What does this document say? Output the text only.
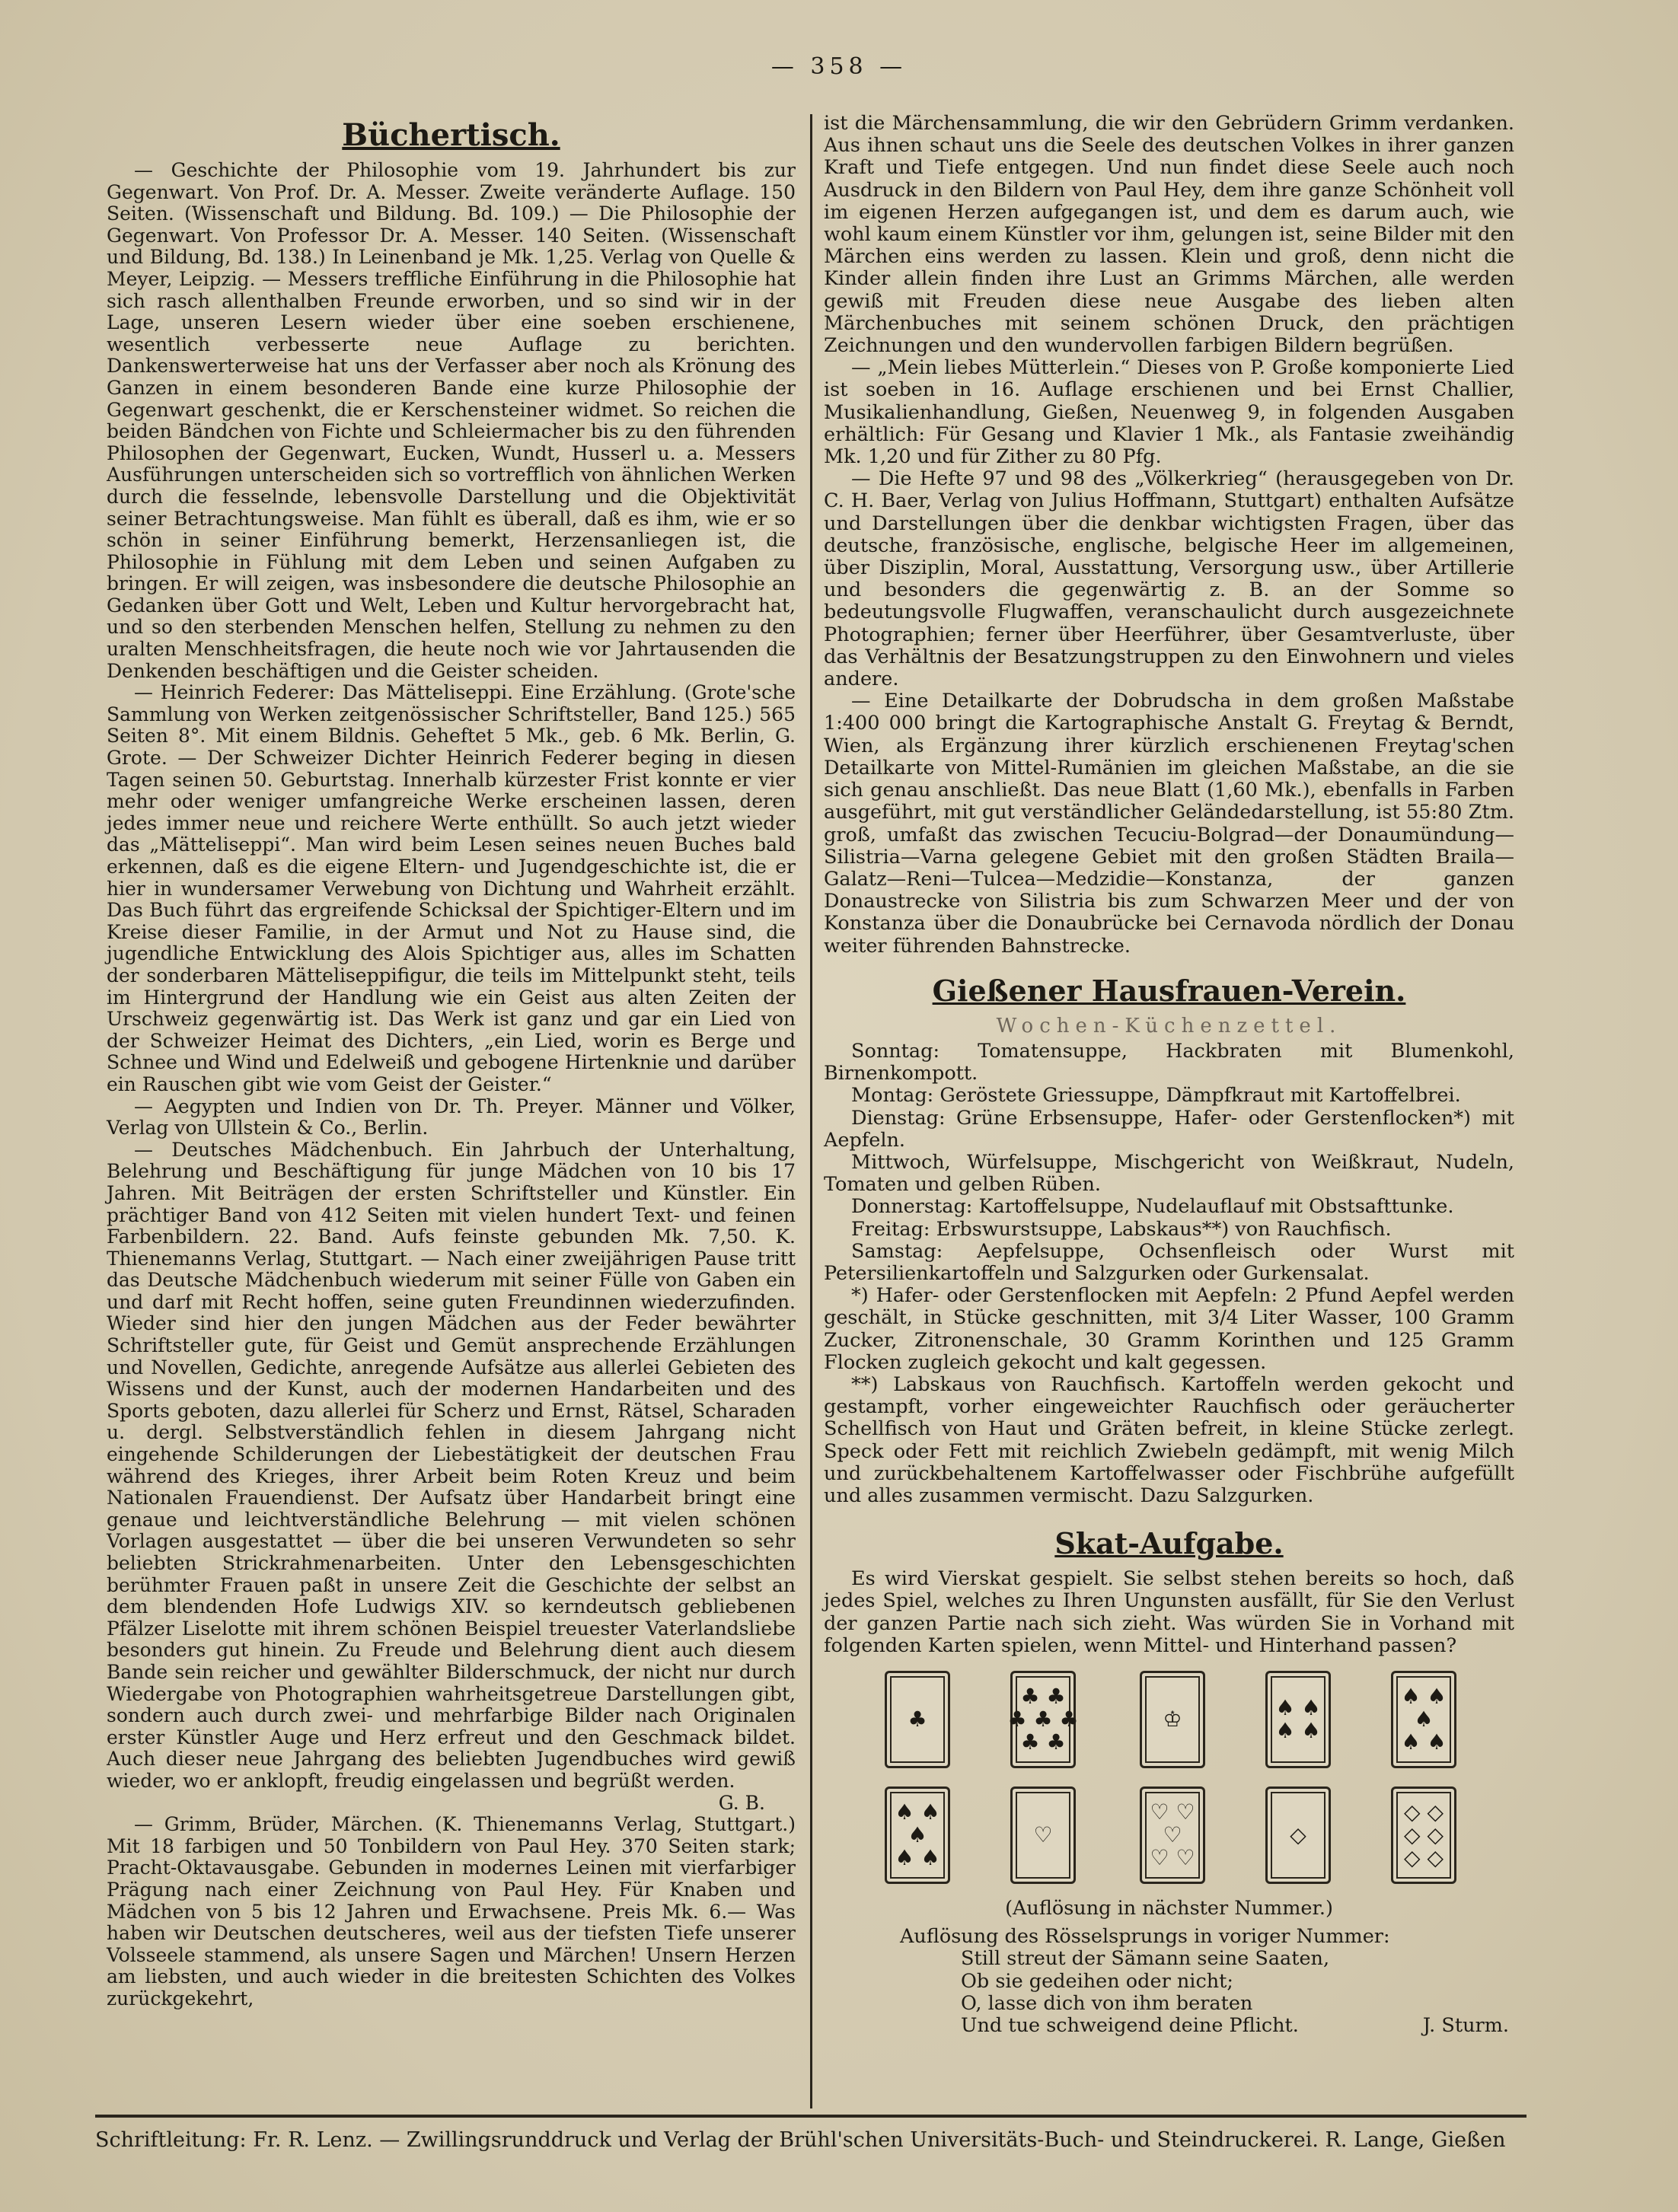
— 358 —
Büchertisch.

— Geschichte der Philosophie vom 19. Jahrhundert bis zur Gegenwart. Von Prof. Dr. A. Messer. Zweite veränderte Auflage. 150 Seiten. (Wissenschaft und Bildung. Bd. 109.) — Die Philosophie der Gegenwart. Von Professor Dr. A. Messer. 140 Seiten. (Wissenschaft und Bildung, Bd. 138.) In Leinenband je Mk. 1,25. Verlag von Quelle & Meyer, Leipzig. — Messers treffliche Einführung in die Philosophie hat sich rasch allenthalben Freunde erworben, und so sind wir in der Lage, unseren Lesern wieder über eine soeben erschienene, wesentlich verbesserte neue Auflage zu berichten. Dankenswerterweise hat uns der Verfasser aber noch als Krönung des Ganzen in einem besonderen Bande eine kurze Philosophie der Gegenwart geschenkt, die er Kerschensteiner widmet. So reichen die beiden Bändchen von Fichte und Schleiermacher bis zu den führenden Philosophen der Gegenwart, Eucken, Wundt, Husserl u. a. Messers Ausführungen unterscheiden sich so vortrefflich von ähnlichen Werken durch die fesselnde, lebensvolle Darstellung und die Objektivität seiner Betrachtungsweise. Man fühlt es überall, daß es ihm, wie er so schön in seiner Einführung bemerkt, Herzensanliegen ist, die Philosophie in Fühlung mit dem Leben und seinen Aufgaben zu bringen. Er will zeigen, was insbesondere die deutsche Philosophie an Gedanken über Gott und Welt, Leben und Kultur hervorgebracht hat, und so den sterbenden Menschen helfen, Stellung zu nehmen zu den uralten Menschheitsfragen, die heute noch wie vor Jahrtausenden die Denkenden beschäftigen und die Geister scheiden.

— Heinrich Federer: Das Mätteliseppi. Eine Erzählung. (Grote'sche Sammlung von Werken zeitgenössischer Schriftsteller, Band 125.) 565 Seiten 8°. Mit einem Bildnis. Geheftet 5 Mk., geb. 6 Mk. Berlin, G. Grote. — Der Schweizer Dichter Heinrich Federer beging in diesen Tagen seinen 50. Geburtstag. Innerhalb kürzester Frist konnte er vier mehr oder weniger umfangreiche Werke erscheinen lassen, deren jedes immer neue und reichere Werte enthüllt. So auch jetzt wieder das „Mätteliseppi“. Man wird beim Lesen seines neuen Buches bald erkennen, daß es die eigene Eltern- und Jugendgeschichte ist, die er hier in wundersamer Verwebung von Dichtung und Wahrheit erzählt. Das Buch führt das ergreifende Schicksal der Spichtiger-Eltern und im Kreise dieser Familie, in der Armut und Not zu Hause sind, die jugendliche Entwicklung des Alois Spichtiger aus, alles im Schatten der sonderbaren Mätteliseppifigur, die teils im Mittelpunkt steht, teils im Hintergrund der Handlung wie ein Geist aus alten Zeiten der Urschweiz gegenwärtig ist. Das Werk ist ganz und gar ein Lied von der Schweizer Heimat des Dichters, „ein Lied, worin es Berge und Schnee und Wind und Edelweiß und gebogene Hirtenknie und darüber ein Rauschen gibt wie vom Geist der Geister.“

— Aegypten und Indien von Dr. Th. Preyer. Männer und Völker, Verlag von Ullstein & Co., Berlin.

— Deutsches Mädchenbuch. Ein Jahrbuch der Unterhaltung, Belehrung und Beschäftigung für junge Mädchen von 10 bis 17 Jahren. Mit Beiträgen der ersten Schriftsteller und Künstler. Ein prächtiger Band von 412 Seiten mit vielen hundert Text- und feinen Farbenbildern. 22. Band. Aufs feinste gebunden Mk. 7,50. K. Thienemanns Verlag, Stuttgart. — Nach einer zweijährigen Pause tritt das Deutsche Mädchenbuch wiederum mit seiner Fülle von Gaben ein und darf mit Recht hoffen, seine guten Freundinnen wiederzufinden. Wieder sind hier den jungen Mädchen aus der Feder bewährter Schriftsteller gute, für Geist und Gemüt ansprechende Erzählungen und Novellen, Gedichte, anregende Aufsätze aus allerlei Gebieten des Wissens und der Kunst, auch der modernen Handarbeiten und des Sports geboten, dazu allerlei für Scherz und Ernst, Rätsel, Scharaden u. dergl. Selbstverständlich fehlen in diesem Jahrgang nicht eingehende Schilderungen der Liebestätigkeit der deutschen Frau während des Krieges, ihrer Arbeit beim Roten Kreuz und beim Nationalen Frauendienst. Der Aufsatz über Handarbeit bringt eine genaue und leichtverständliche Belehrung — mit vielen schönen Vorlagen ausgestattet — über die bei unseren Verwundeten so sehr beliebten Strickrahmenarbeiten. Unter den Lebensgeschichten berühmter Frauen paßt in unsere Zeit die Geschichte der selbst an dem blendenden Hofe Ludwigs XIV. so kerndeutsch gebliebenen Pfälzer Liselotte mit ihrem schönen Beispiel treuester Vaterlandsliebe besonders gut hinein. Zu Freude und Belehrung dient auch diesem Bande sein reicher und gewählter Bilderschmuck, der nicht nur durch Wiedergabe von Photographien wahrheitsgetreue Darstellungen gibt, sondern auch durch zwei- und mehrfarbige Bilder nach Originalen erster Künstler Auge und Herz erfreut und den Geschmack bildet. Auch dieser neue Jahrgang des beliebten Jugendbuches wird gewiß wieder, wo er anklopft, freudig eingelassen und begrüßt werden.

G. B.

— Grimm, Brüder, Märchen. (K. Thienemanns Verlag, Stuttgart.) Mit 18 farbigen und 50 Tonbildern von Paul Hey. 370 Seiten stark; Pracht-Oktavausgabe. Gebunden in modernes Leinen mit vierfarbiger Prägung nach einer Zeichnung von Paul Hey. Für Knaben und Mädchen von 5 bis 12 Jahren und Erwachsene. Preis Mk. 6.— Was haben wir Deutschen deutscheres, weil aus der tiefsten Tiefe unserer Volsseele stammend, als unsere Sagen und Märchen! Unsern Herzen am liebsten, und auch wieder in die breitesten Schichten des Volkes zurückgekehrt,

ist die Märchensammlung, die wir den Gebrüdern Grimm verdanken. Aus ihnen schaut uns die Seele des deutschen Volkes in ihrer ganzen Kraft und Tiefe entgegen. Und nun findet diese Seele auch noch Ausdruck in den Bildern von Paul Hey, dem ihre ganze Schönheit voll im eigenen Herzen aufgegangen ist, und dem es darum auch, wie wohl kaum einem Künstler vor ihm, gelungen ist, seine Bilder mit den Märchen eins werden zu lassen. Klein und groß, denn nicht die Kinder allein finden ihre Lust an Grimms Märchen, alle werden gewiß mit Freuden diese neue Ausgabe des lieben alten Märchenbuches mit seinem schönen Druck, den prächtigen Zeichnungen und den wundervollen farbigen Bildern begrüßen.

— „Mein liebes Mütterlein.“ Dieses von P. Große komponierte Lied ist soeben in 16. Auflage erschienen und bei Ernst Challier, Musikalienhandlung, Gießen, Neuenweg 9, in folgenden Ausgaben erhältlich: Für Gesang und Klavier 1 Mk., als Fantasie zweihändig Mk. 1,20 und für Zither zu 80 Pfg.

— Die Hefte 97 und 98 des „Völkerkrieg“ (herausgegeben von Dr. C. H. Baer, Verlag von Julius Hoffmann, Stuttgart) enthalten Aufsätze und Darstellungen über die denkbar wichtigsten Fragen, über das deutsche, französische, englische, belgische Heer im allgemeinen, über Disziplin, Moral, Ausstattung, Versorgung usw., über Artillerie und besonders die gegenwärtig z. B. an der Somme so bedeutungsvolle Flugwaffen, veranschaulicht durch ausgezeichnete Photographien; ferner über Heerführer, über Gesamtverluste, über das Verhältnis der Besatzungstruppen zu den Einwohnern und vieles andere.

— Eine Detailkarte der Dobrudscha in dem großen Maßstabe 1:400 000 bringt die Kartographische Anstalt G. Freytag & Berndt, Wien, als Ergänzung ihrer kürzlich erschienenen Freytag'schen Detailkarte von Mittel-Rumänien im gleichen Maßstabe, an die sie sich genau anschließt. Das neue Blatt (1,60 Mk.), ebenfalls in Farben ausgeführt, mit gut verständlicher Geländedarstellung, ist 55:80 Ztm. groß, umfaßt das zwischen Tecuciu-Bolgrad—der Donaumündung—Silistria—Varna gelegene Gebiet mit den großen Städten Braila—Galatz—Reni—Tulcea—Medzidie—Konstanza, der ganzen Donaustrecke von Silistria bis zum Schwarzen Meer und der von Konstanza über die Donaubrücke bei Cernavoda nördlich der Donau weiter führenden Bahnstrecke.

Gießener Hausfrauen-Verein.
Wochen-Küchenzettel.

Sonntag: Tomatensuppe, Hackbraten mit Blumenkohl, Birnenkompott.

Montag: Geröstete Griessuppe, Dämpfkraut mit Kartoffelbrei.

Dienstag: Grüne Erbsensuppe, Hafer- oder Gerstenflocken*) mit Aepfeln.

Mittwoch, Würfelsuppe, Mischgericht von Weißkraut, Nudeln, Tomaten und gelben Rüben.

Donnerstag: Kartoffelsuppe, Nudelauflauf mit Obstsafttunke.

Freitag: Erbswurstsuppe, Labskaus**) von Rauchfisch.

Samstag: Aepfelsuppe, Ochsenfleisch oder Wurst mit Petersilienkartoffeln und Salzgurken oder Gurkensalat.

*) Hafer- oder Gerstenflocken mit Aepfeln: 2 Pfund Aepfel werden geschält, in Stücke geschnitten, mit 3/4 Liter Wasser, 100 Gramm Zucker, Zitronenschale, 30 Gramm Korinthen und 125 Gramm Flocken zugleich gekocht und kalt gegessen.

**) Labskaus von Rauchfisch. Kartoffeln werden gekocht und gestampft, vorher eingeweichter Rauchfisch oder geräucherter Schellfisch von Haut und Gräten befreit, in kleine Stücke zerlegt. Speck oder Fett mit reichlich Zwiebeln gedämpft, mit wenig Milch und zurückbehaltenem Kartoffelwasser oder Fischbrühe aufgefüllt und alles zusammen vermischt. Dazu Salzgurken.

Skat-Aufgabe.

Es wird Vierskat gespielt. Sie selbst stehen bereits so hoch, daß jedes Spiel, welches zu Ihren Ungunsten ausfällt, für Sie den Verlust der ganzen Partie nach sich zieht. Was würden Sie in Vorhand mit folgenden Karten spielen, wenn Mittel- und Hinterhand passen?

♣
♣ ♣
♣ ♣ ♣
♣ ♣
♔	♠ ♠
♠ ♠
♠ ♠
♠
♠ ♠
♠ ♠
♠
♠ ♠
♡
♡ ♡
♡
♡ ♡
◇
◇ ◇
◇ ◇
◇ ◇
(Auflösung in nächster Nummer.)
Auflösung des Rösselsprungs in voriger Nummer:
Still streut der Sämann seine Saaten,
Ob sie gedeihen oder nicht;
O, lasse dich von ihm beraten
Und tue schweigend deine Pflicht.	J. Sturm.
Schriftleitung: Fr. R. Lenz. — Zwillingsrunddruck und Verlag der Brühl'schen Universitäts-Buch- und Steindruckerei. R. Lange, Gießen
